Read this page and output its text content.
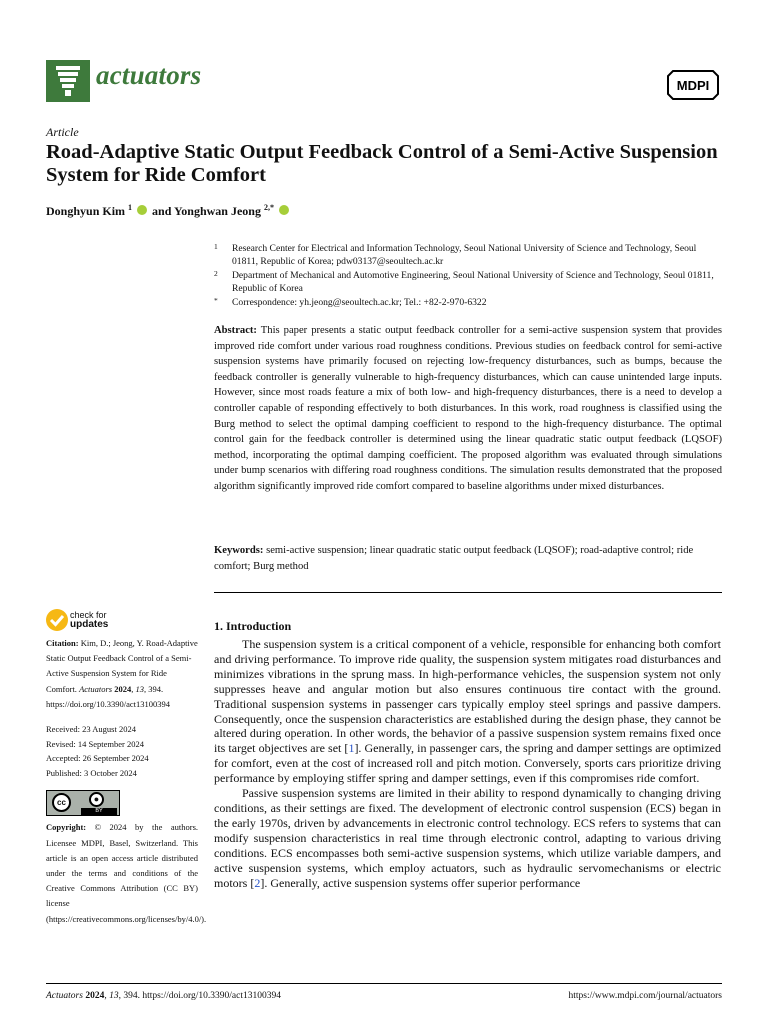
actuators	MDPI
Article
Road-Adaptive Static Output Feedback Control of a Semi-Active Suspension System for Ride Comfort
Donghyun Kim $^1$ and Yonghwan Jeong $^{2,*}$
1 Research Center for Electrical and Information Technology, Seoul National University of Science and Technology, Seoul 01811, Republic of Korea; pdw03137@seoultech.ac.kr
2 Department of Mechanical and Automotive Engineering, Seoul National University of Science and Technology, Seoul 01811, Republic of Korea
* Correspondence: yh.jeong@seoultech.ac.kr; Tel.: +82-2-970-6322
Abstract: This paper presents a static output feedback controller for a semi-active suspension system that provides improved ride comfort under various road roughness conditions. Previous studies on feedback control for semi-active suspension systems have primarily focused on rejecting low-frequency disturbances, such as bumps, because the feedback controller is generally vulnerable to high-frequency disturbances, which can cause unintended large inputs. However, since most roads feature a mix of both low- and high-frequency disturbances, there is a need to develop a controller capable of responding effectively to both disturbances. In this work, road roughness is classified using the Burg method to select the optimal damping coefficient to respond to the high-frequency disturbance. The optimal control gain for the feedback controller is determined using the linear quadratic static output feedback (LQSOF) method, incorporating the optimal damping coefficient. The proposed algorithm was evaluated through simulations under bump scenarios with differing road roughness conditions. The simulation results demonstrated that the proposed algorithm significantly improved ride comfort compared to baseline algorithms under mixed disturbances.
Keywords: semi-active suspension; linear quadratic static output feedback (LQSOF); road-adaptive control; ride comfort; Burg method
check for
updates
Citation: Kim, D.; Jeong, Y. Road-Adaptive Static Output Feedback Control of a Semi-Active Suspension System for Ride Comfort. Actuators 2024, 13, 394. https://doi.org/10.3390/act13100394
Received: 23 August 2024
Revised: 14 September 2024
Accepted: 26 September 2024
Published: 3 October 2024
cc	●
BY
Copyright: © 2024 by the authors. Licensee MDPI, Basel, Switzerland. This article is an open access article distributed under the terms and conditions of the Creative Commons Attribution (CC BY) license (https://creativecommons.org/licenses/by/4.0/).
1. Introduction

The suspension system is a critical component of a vehicle, responsible for enhancing both comfort and driving performance. To improve ride quality, the suspension system mitigates road disturbances and minimizes vibrations in the sprung mass. In high-performance vehicles, the suspension system not only suppresses heave and angular motion but also ensures continuous tire contact with the ground. Traditional suspension systems in passenger cars typically employ steel springs and passive dampers. Consequently, once the suspension characteristics are established during the design phase, they cannot be altered during operation. In other words, the behavior of a passive suspension system remains fixed once its target objectives are set [1]. Generally, in passenger cars, the spring and damper settings are optimized for comfort, even at the cost of increased roll and pitch motion. Conversely, sports cars prioritize driving performance by employing stiffer spring and damper settings, even if this compromises ride comfort.

Passive suspension systems are limited in their ability to respond dynamically to changing driving conditions, as their settings are fixed. The development of electronic control suspension (ECS) began in the early 1970s, driven by advancements in electronic control technology. ECS refers to systems that can modify suspension characteristics in real time through electronic control, adapting to various driving conditions. ECS encompasses both semi-active suspension systems, which utilize variable dampers, and active suspension systems, which employ actuators, such as hydraulic servomechanisms or electric motors [2]. Generally, active suspension systems offer superior performance

Actuators 2024, 13, 394. https://doi.org/10.3390/act13100394	https://www.mdpi.com/journal/actuators
